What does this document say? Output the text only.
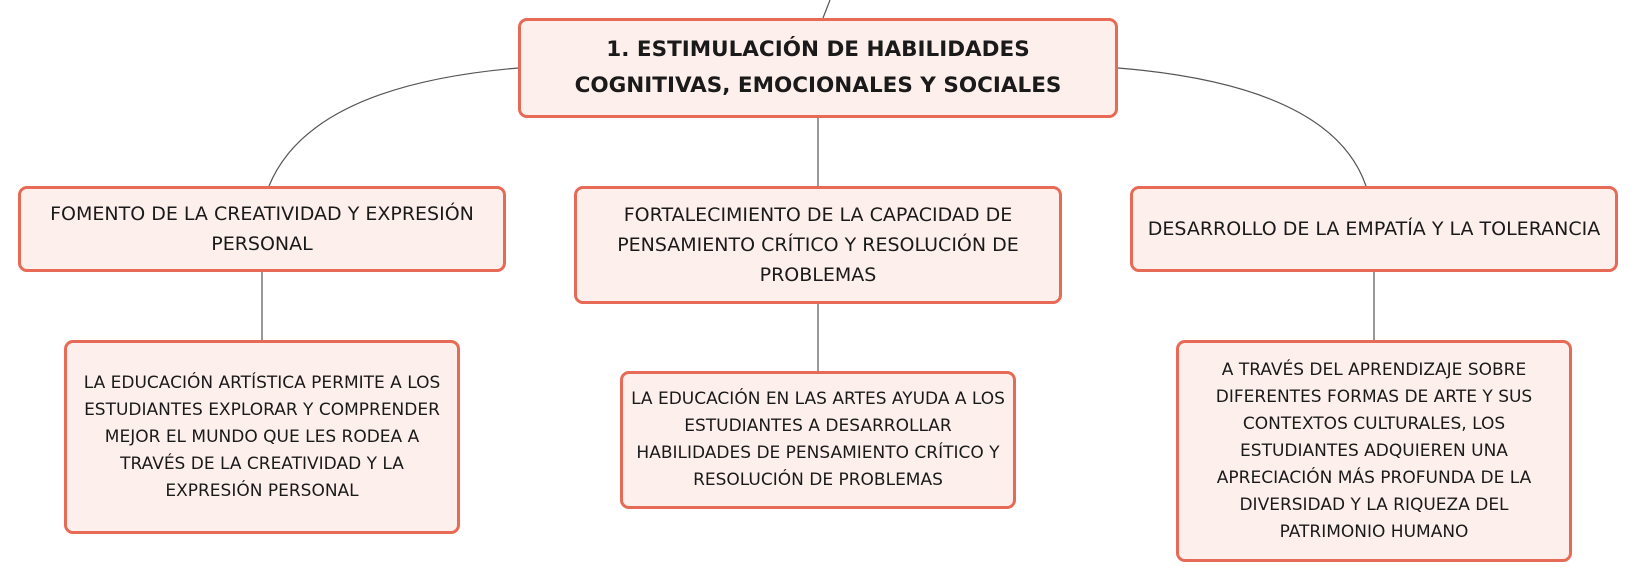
1. ESTIMULACIÓN DE HABILIDADES COGNITIVAS, EMOCIONALES Y SOCIALES
FOMENTO DE LA CREATIVIDAD Y EXPRESIÓN PERSONAL
FORTALECIMIENTO DE LA CAPACIDAD DE PENSAMIENTO CRÍTICO Y RESOLUCIÓN DE PROBLEMAS
DESARROLLO DE LA EMPATÍA Y LA TOLERANCIA
LA EDUCACIÓN ARTÍSTICA PERMITE A LOS ESTUDIANTES EXPLORAR Y COMPRENDER MEJOR EL MUNDO QUE LES RODEA A TRAVÉS DE LA CREATIVIDAD Y LA EXPRESIÓN PERSONAL
LA EDUCACIÓN EN LAS ARTES AYUDA A LOS ESTUDIANTES A DESARROLLAR HABILIDADES DE PENSAMIENTO CRÍTICO Y RESOLUCIÓN DE PROBLEMAS
A TRAVÉS DEL APRENDIZAJE SOBRE DIFERENTES FORMAS DE ARTE Y SUS CONTEXTOS CULTURALES, LOS ESTUDIANTES ADQUIEREN UNA APRECIACIÓN MÁS PROFUNDA DE LA DIVERSIDAD Y LA RIQUEZA DEL PATRIMONIO HUMANO
